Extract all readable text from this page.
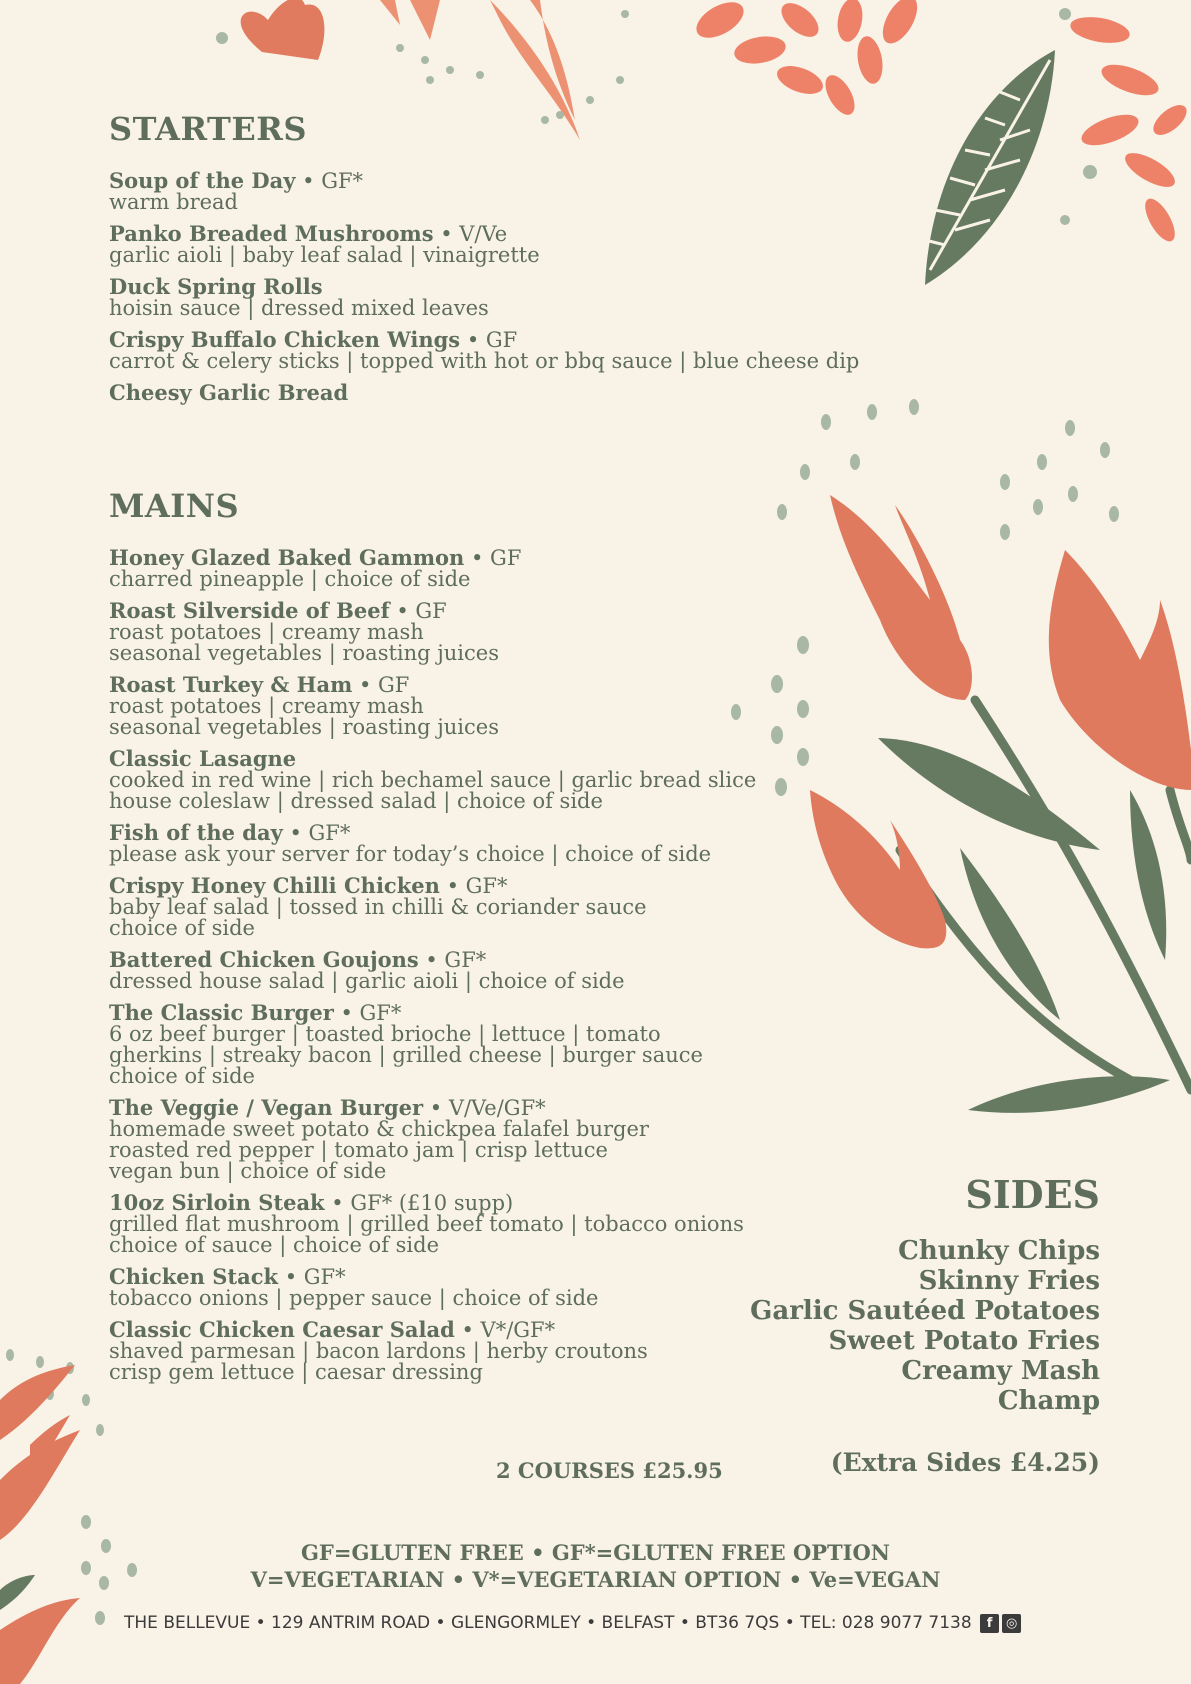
STARTERS
Soup of the Day • GF*
warm bread
Panko Breaded Mushrooms • V/Ve
garlic aioli | baby leaf salad | vinaigrette
Duck Spring Rolls
hoisin sauce | dressed mixed leaves
Crispy Buffalo Chicken Wings • GF
carrot & celery sticks | topped with hot or bbq sauce | blue cheese dip
Cheesy Garlic Bread
MAINS
Honey Glazed Baked Gammon • GF
charred pineapple | choice of side
Roast Silverside of Beef • GF
roast potatoes | creamy mash
seasonal vegetables | roasting juices
Roast Turkey & Ham • GF
roast potatoes | creamy mash
seasonal vegetables | roasting juices
Classic Lasagne
cooked in red wine | rich bechamel sauce | garlic bread slice
house coleslaw | dressed salad | choice of side
Fish of the day • GF*
please ask your server for today’s choice | choice of side
Crispy Honey Chilli Chicken • GF*
baby leaf salad | tossed in chilli & coriander sauce
choice of side
Battered Chicken Goujons • GF*
dressed house salad | garlic aioli | choice of side
The Classic Burger • GF*
6 oz beef burger | toasted brioche | lettuce | tomato
gherkins | streaky bacon | grilled cheese | burger sauce
choice of side
The Veggie / Vegan Burger • V/Ve/GF*
homemade sweet potato & chickpea falafel burger
roasted red pepper | tomato jam | crisp lettuce
vegan bun | choice of side
10oz Sirloin Steak • GF* (£10 supp)
grilled flat mushroom | grilled beef tomato | tobacco onions
choice of sauce | choice of side
Chicken Stack • GF*
tobacco onions | pepper sauce | choice of side
Classic Chicken Caesar Salad • V*/GF*
shaved parmesan | bacon lardons | herby croutons
crisp gem lettuce | caesar dressing
SIDES
Chunky Chips
Skinny Fries
Garlic Sautéed Potatoes
Sweet Potato Fries
Creamy Mash
Champ
(Extra Sides £4.25)
2 COURSES £25.95
GF=GLUTEN FREE • GF*=GLUTEN FREE OPTION
V=VEGETARIAN • V*=VEGETARIAN OPTION • Ve=VEGAN
THE BELLEVUE • 129 ANTRIM ROAD • GLENGORMLEY • BELFAST • BT36 7QS • TEL: 028 9077 7138 f ◎
